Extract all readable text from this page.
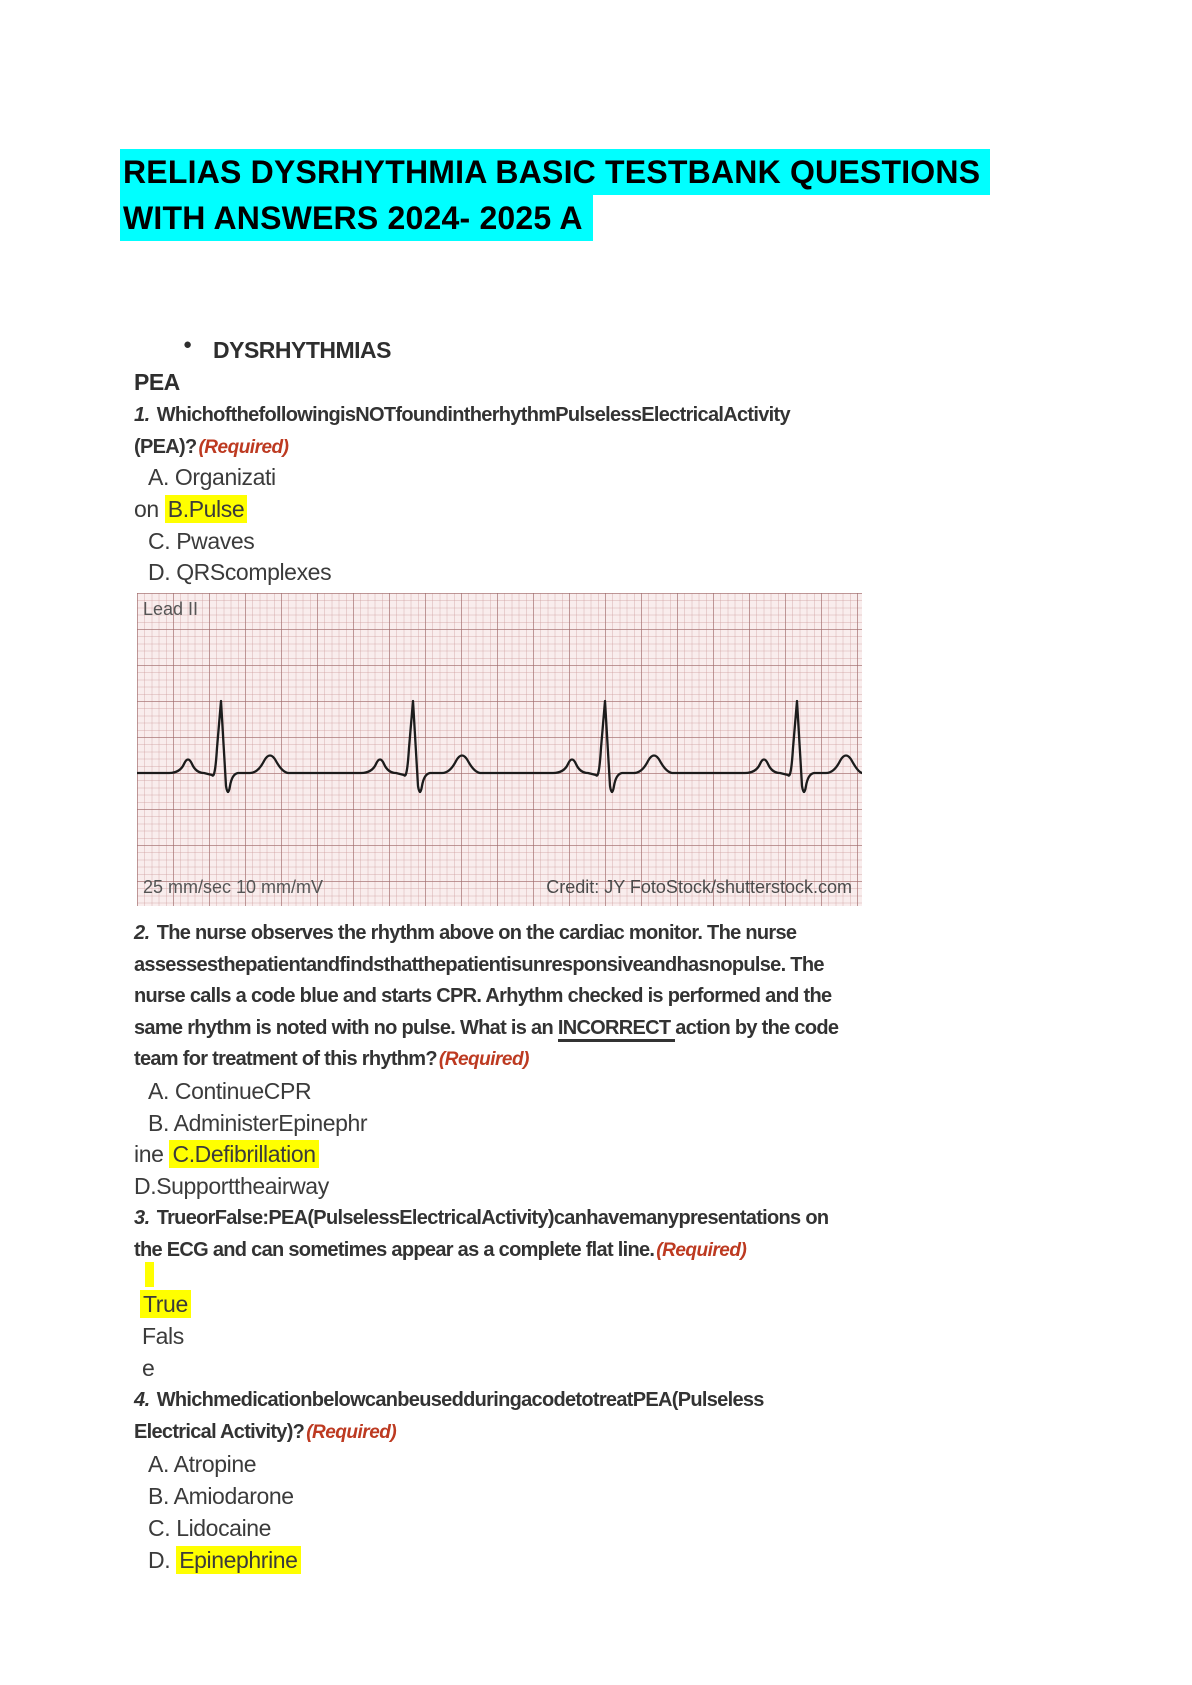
RELIAS DYSRHYTHMIA BASIC TESTBANK QUESTIONS
WITH ANSWERS 2024- 2025 A
● DYSRHYTHMIAS
PEA
1. WhichofthefollowingisNOTfoundintherhythmPulselessElectricalActivity
(PEA)? (Required)
A. Organizati
on B.Pulse
C. Pwaves
D. QRScomplexes
Lead II
25 mm/sec 10 mm/mV	Credit: JY FotoStock/shutterstock.com
2. The nurse observes the rhythm above on the cardiac monitor. The nurse
assessesthepatientandfindsthatthepatientisunresponsiveandhasnopulse. The
nurse calls a code blue and starts CPR. Arhythm checked is performed and the
same rhythm is noted with no pulse. What is an INCORRECT action by the code
team for treatment of this rhythm? (Required)
A. ContinueCPR
B. AdministerEpinephr
ine C.Defibrillation
D.Supporttheairway
3. TrueorFalse:PEA(PulselessElectricalActivity)canhavemanypresentations on
the ECG and can sometimes appear as a complete flat line. (Required)
True
Fals
e
4. WhichmedicationbelowcanbeusedduringacodetotreatPEA(Pulseless
Electrical Activity)? (Required)
A. Atropine
B. Amiodarone
C. Lidocaine
D. Epinephrine
